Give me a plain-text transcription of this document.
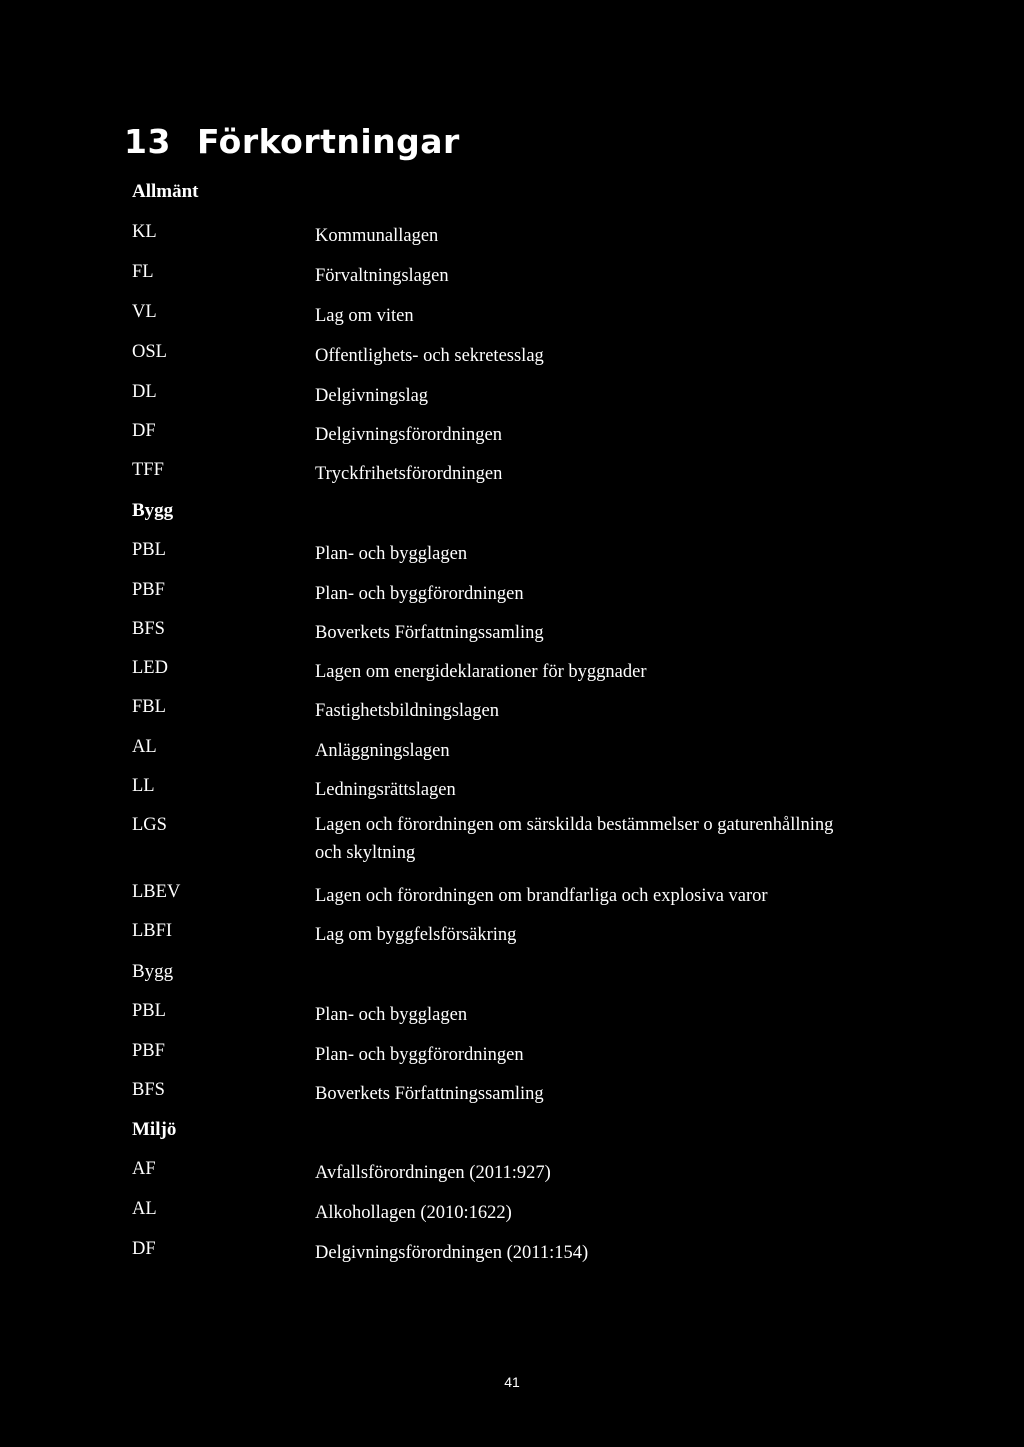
13 Förkortningar
Allmänt
KL	Kommunallagen
FL	Förvaltningslagen
VL	Lag om viten
OSL	Offentlighets- och sekretesslag
DL	Delgivningslag
DF	Delgivningsförordningen
TFF	Tryckfrihetsförordningen
Bygg
PBL	Plan- och bygglagen
PBF	Plan- och byggförordningen
BFS	Boverkets Författningssamling
LED	Lagen om energideklarationer för byggnader
FBL	Fastighetsbildningslagen
AL	Anläggningslagen
LL	Ledningsrättslagen
LGS	Lagen och förordningen om särskilda bestämmelser o gaturenhållning och skyltning
LBEV	Lagen och förordningen om brandfarliga och explosiva varor
LBFI	Lag om byggfelsförsäkring
Bygg
PBL	Plan- och bygglagen
PBF	Plan- och byggförordningen
BFS	Boverkets Författningssamling
Miljö
AF	Avfallsförordningen (2011:927)
AL	Alkohollagen (2010:1622)
DF	Delgivningsförordningen (2011:154)
41
